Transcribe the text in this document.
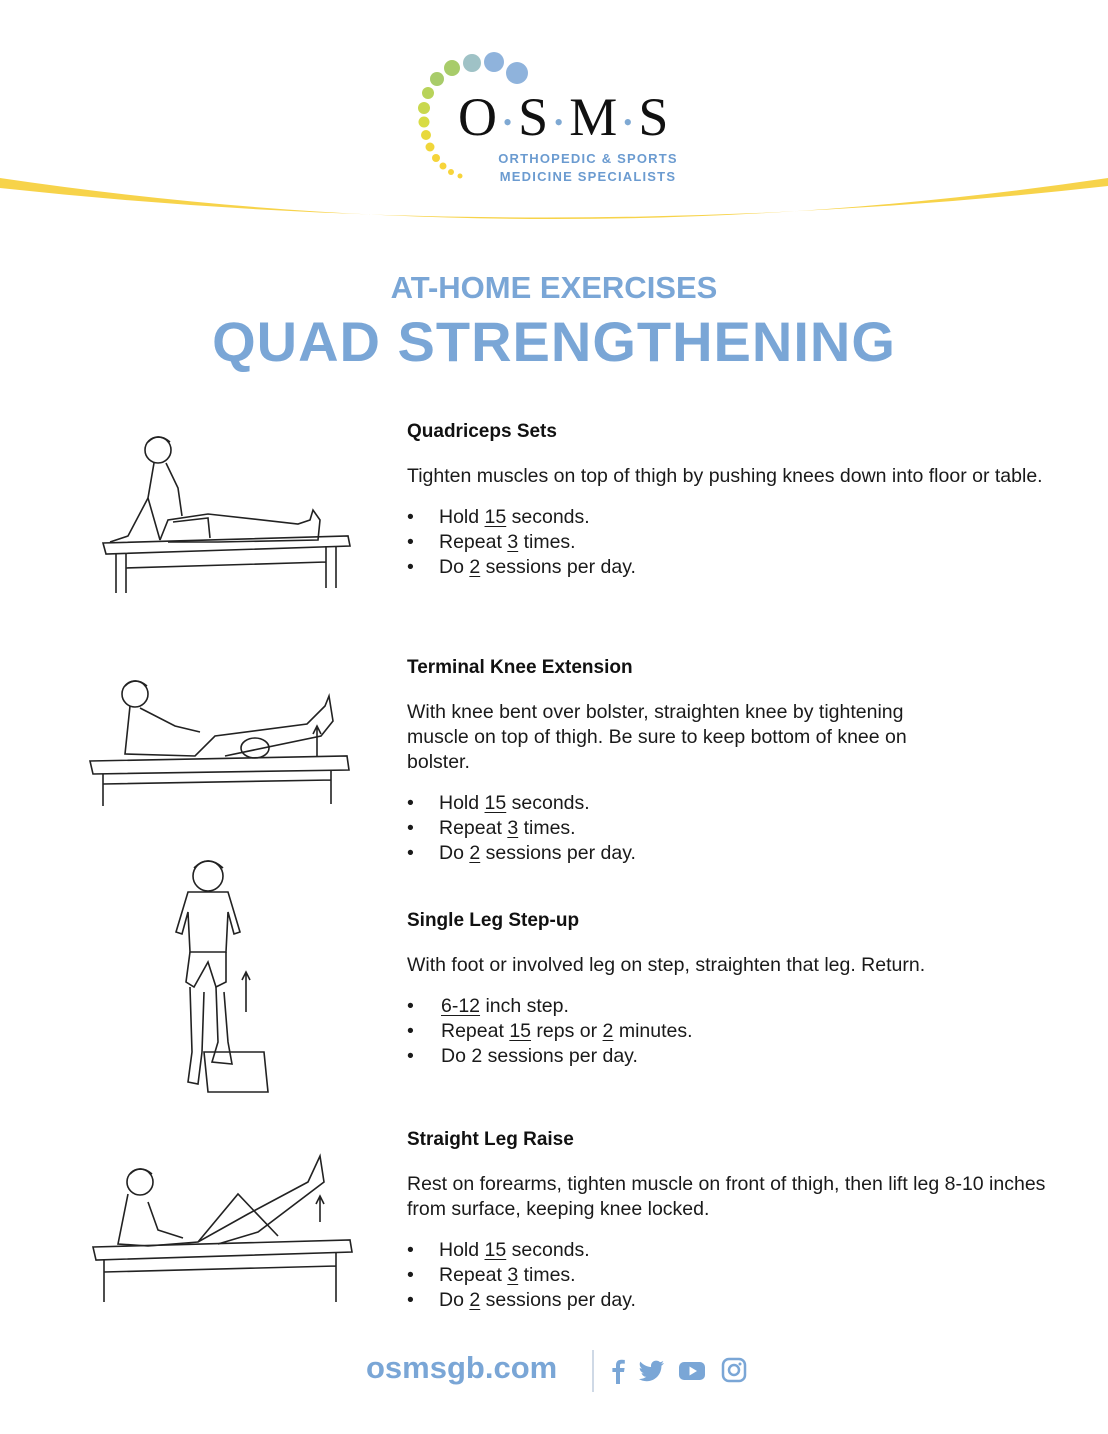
O •S •M •S
ORTHOPEDIC & SPORTS
MEDICINE SPECIALISTS
AT-HOME EXERCISES
QUAD STRENGTHENING

Quadriceps Sets

Tighten muscles on top of thigh by pushing knees down into floor or table.

• Hold 15 seconds.
• Repeat 3 times.
• Do 2 sessions per day.

Terminal Knee Extension

With knee bent over bolster, straighten knee by tightening muscle on top of thigh. Be sure to keep bottom of knee on bolster.

• Hold 15 seconds.
• Repeat 3 times.
• Do 2 sessions per day.

Single Leg Step-up

With foot or involved leg on step, straighten that leg. Return.

• 6-12 inch step.
• Repeat 15 reps or 2 minutes.
• Do 2 sessions per day.

Straight Leg Raise

Rest on forearms, tighten muscle on front of thigh, then lift leg 8-10 inches from surface, keeping knee locked.

• Hold 15 seconds.
• Repeat 3 times.
• Do 2 sessions per day.
osmsgb.com
